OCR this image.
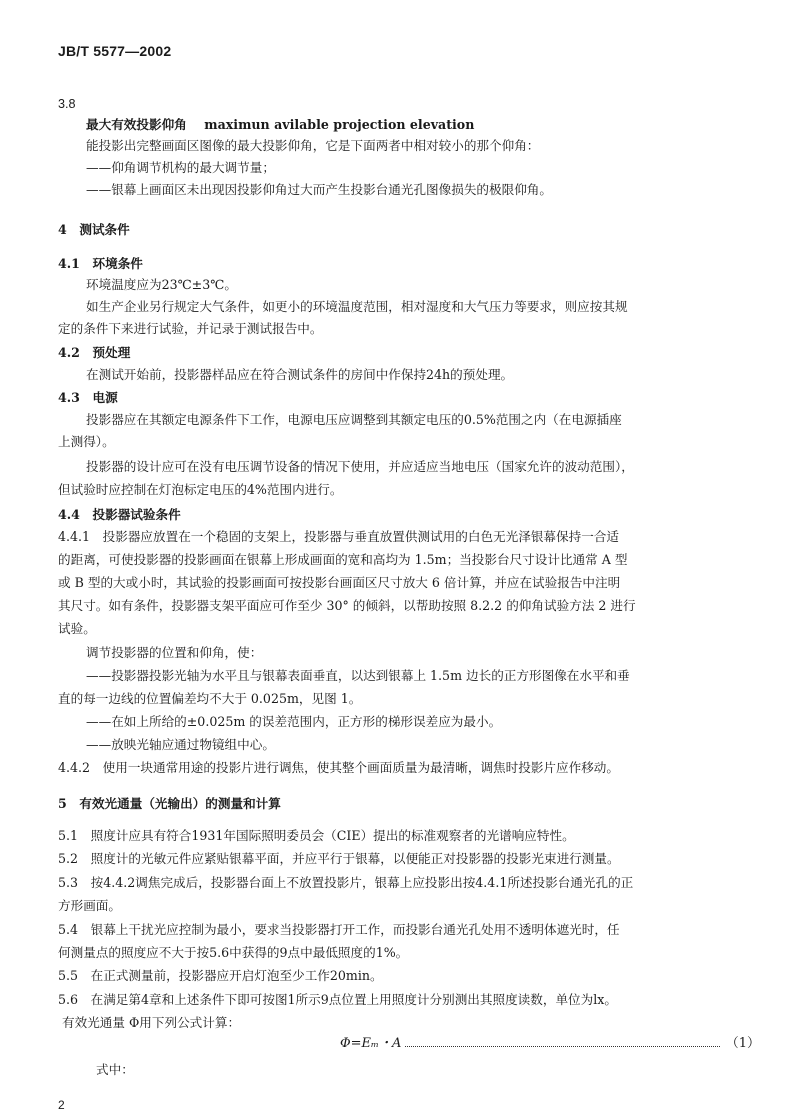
JB/T 5577—2002
3.8
最大有效投影仰角 maximun avilable projection elevation
能投影出完整画面区图像的最大投影仰角，它是下面两者中相对较小的那个仰角：
——仰角调节机构的最大调节量；
——银幕上画面区未出现因投影仰角过大而产生投影台通光孔图像损失的极限仰角。
4　测试条件
4.1　环境条件
环境温度应为23℃±3℃。
如生产企业另行规定大气条件，如更小的环境温度范围，相对湿度和大气压力等要求，则应按其规
定的条件下来进行试验，并记录于测试报告中。
4.2　预处理
在测试开始前，投影器样品应在符合测试条件的房间中作保持24h的预处理。
4.3　电源
投影器应在其额定电源条件下工作，电源电压应调整到其额定电压的0.5%范围之内（在电源插座
上测得）。
投影器的设计应可在没有电压调节设备的情况下使用，并应适应当地电压（国家允许的波动范围），
但试验时应控制在灯泡标定电压的4%范围内进行。
4.4　投影器试验条件
4.4.1　投影器应放置在一个稳固的支架上，投影器与垂直放置供测试用的白色无光泽银幕保持一合适
的距离，可使投影器的投影画面在银幕上形成画面的宽和高均为 1.5m；当投影台尺寸设计比通常 A 型
或 B 型的大或小时，其试验的投影画面可按投影台画面区尺寸放大 6 倍计算，并应在试验报告中注明
其尺寸。如有条件，投影器支架平面应可作至少 30° 的倾斜，以帮助按照 8.2.2 的仰角试验方法 2 进行
试验。
调节投影器的位置和仰角，使：
——投影器投影光轴为水平且与银幕表面垂直，以达到银幕上 1.5m 边长的正方形图像在水平和垂
直的每一边线的位置偏差均不大于 0.025m，见图 1。
——在如上所给的±0.025m 的误差范围内，正方形的梯形误差应为最小。
——放映光轴应通过物镜组中心。
4.4.2　使用一块通常用途的投影片进行调焦，使其整个画面质量为最清晰，调焦时投影片应作移动。
5　有效光通量（光输出）的测量和计算
5.1　照度计应具有符合1931年国际照明委员会（CIE）提出的标准观察者的光谱响应特性。
5.2　照度计的光敏元件应紧贴银幕平面，并应平行于银幕，以便能正对投影器的投影光束进行测量。
5.3　按4.4.2调焦完成后，投影器台面上不放置投影片，银幕上应投影出按4.4.1所述投影台通光孔的正
方形画面。
5.4　银幕上干扰光应控制为最小，要求当投影器打开工作，而投影台通光孔处用不透明体遮光时，任
何测量点的照度应不大于按5.6中获得的9点中最低照度的1%。
5.5　在正式测量前，投影器应开启灯泡至少工作20min。
5.6　在满足第4章和上述条件下即可按图1所示9点位置上用照度计分别测出其照度读数，单位为lx。
有效光通量 Φ用下列公式计算：
Φ=Eₘ・A	（1）
式中：
2
